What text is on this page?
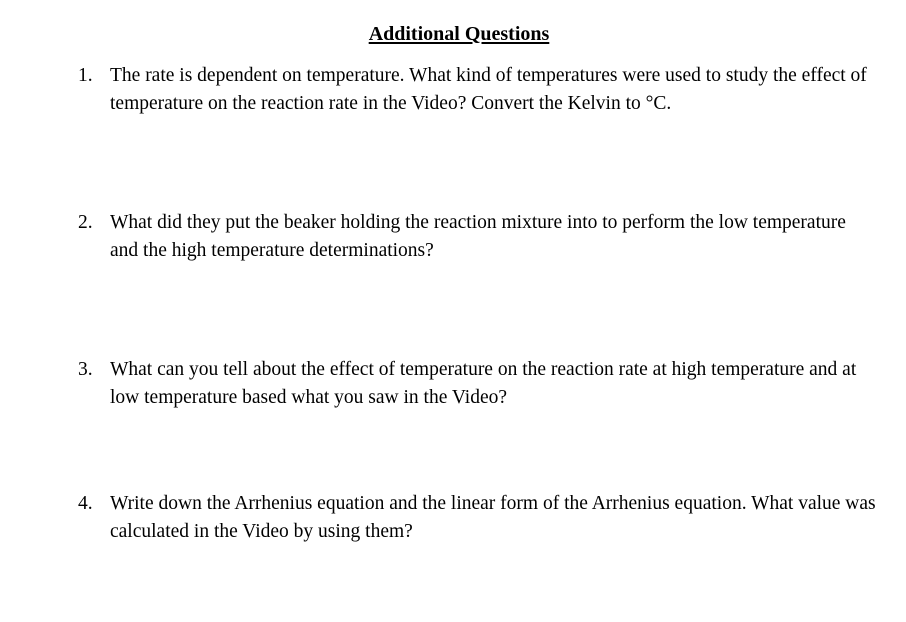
Additional Questions
1. The rate is dependent on temperature. What kind of temperatures were used to study the effect of temperature on the reaction rate in the Video? Convert the Kelvin to °C.
2. What did they put the beaker holding the reaction mixture into to perform the low temperature and the high temperature determinations?
3. What can you tell about the effect of temperature on the reaction rate at high temperature and at low temperature based what you saw in the Video?
4. Write down the Arrhenius equation and the linear form of the Arrhenius equation. What value was calculated in the Video by using them?
